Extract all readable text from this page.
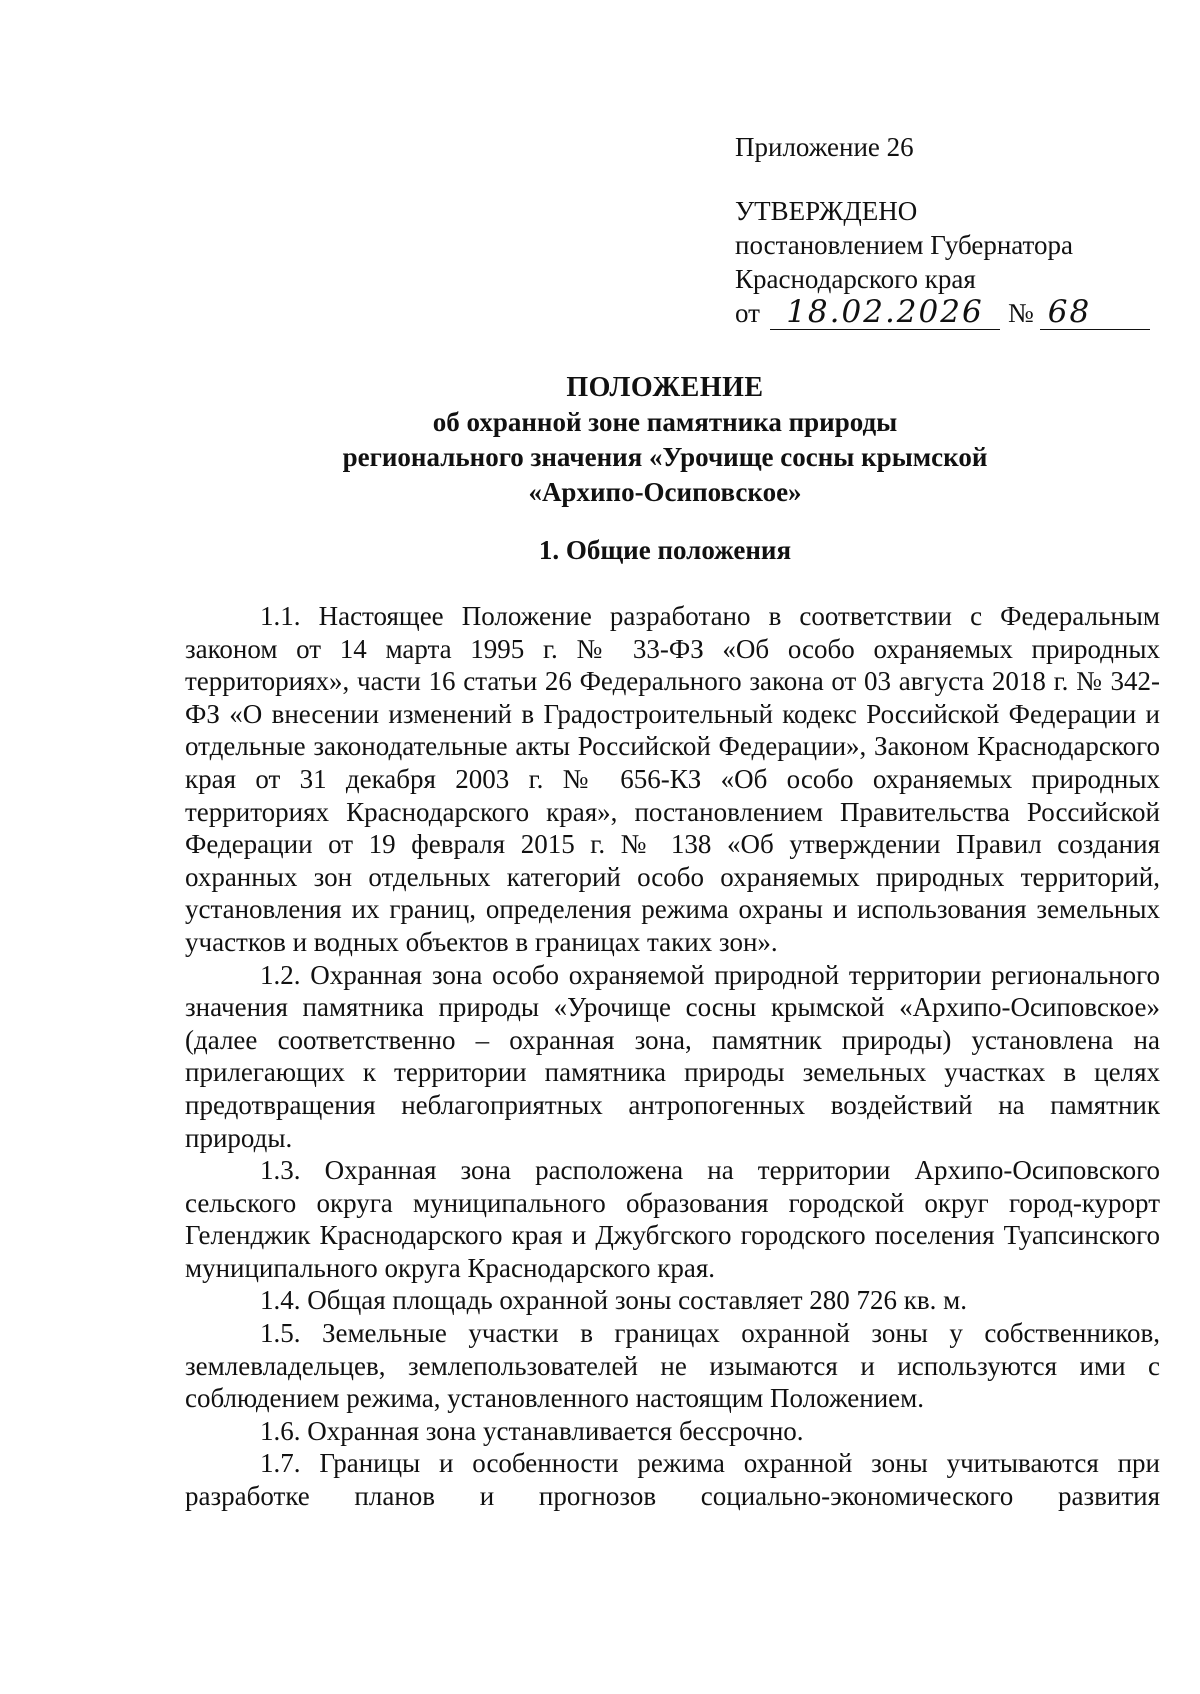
Приложение 26
УТВЕРЖДЕНО
постановлением Губернатора
Краснодарского края
от 18.02.2026 № 68
ПОЛОЖЕНИЕ
об охранной зоне памятника природы
регионального значения «Урочище сосны крымской
«Архипо-Осиповское»
1. Общие положения

1.1. Настоящее Положение разработано в соответствии с Федеральным законом от 14 марта 1995 г. № 33-ФЗ «Об особо охраняемых природных территориях», части 16 статьи 26 Федерального закона от 03 августа 2018 г. № 342-ФЗ «О внесении изменений в Градостроительный кодекс Российской Федерации и отдельные законодательные акты Российской Федерации», Законом Краснодарского края от 31 декабря 2003 г. № 656-КЗ «Об особо охраняемых природных территориях Краснодарского края», постановлением Правительства Российской Федерации от 19 февраля 2015 г. № 138 «Об утверждении Правил создания охранных зон отдельных категорий особо охраняемых природных территорий, установления их границ, определения режима охраны и использования земельных участков и водных объектов в границах таких зон».

1.2. Охранная зона особо охраняемой природной территории регионального значения памятника природы «Урочище сосны крымской «Архипо-Осиповское» (далее соответственно – охранная зона, памятник природы) установлена на прилегающих к территории памятника природы земельных участках в целях предотвращения неблагоприятных антропогенных воздействий на памятник природы.

1.3. Охранная зона расположена на территории Архипо-Осиповского сельского округа муниципального образования городской округ город-курорт Геленджик Краснодарского края и Джубгского городского поселения Туапсинского муниципального округа Краснодарского края.

1.4. Общая площадь охранной зоны составляет 280 726 кв. м.

1.5. Земельные участки в границах охранной зоны у собственников, землевладельцев, землепользователей не изымаются и используются ими с соблюдением режима, установленного настоящим Положением.

1.6. Охранная зона устанавливается бессрочно.

1.7. Границы и особенности режима охранной зоны учитываются при разработке планов и прогнозов социально-экономического развития
